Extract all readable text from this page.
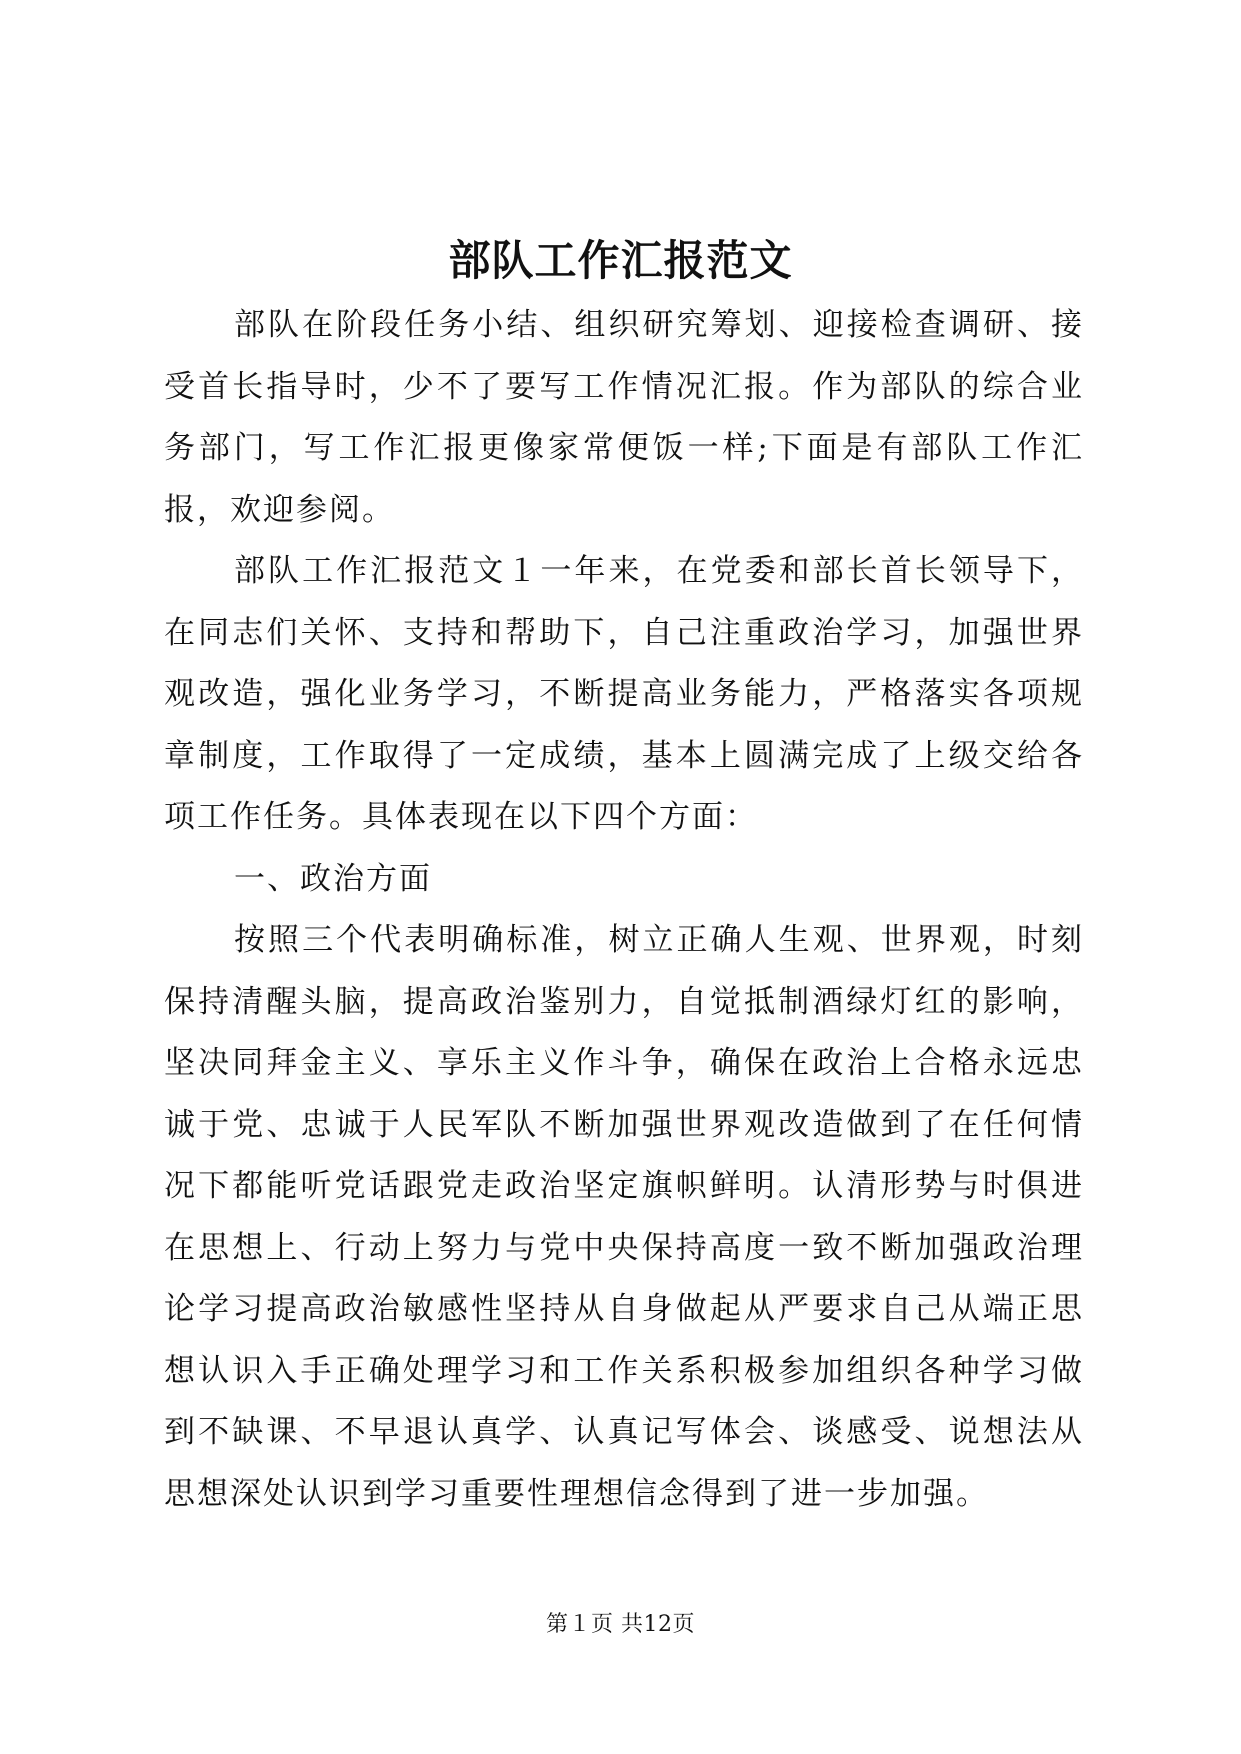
部队工作汇报范文

部队在阶段任务小结、组织研究筹划、迎接检查调研、接受首长指导时，少不了要写工作情况汇报。作为部队的综合业务部门，写工作汇报更像家常便饭一样;下面是有部队工作汇报，欢迎参阅。

部队工作汇报范文１一年来，在党委和部长首长领导下，在同志们关怀、支持和帮助下，自己注重政治学习，加强世界观改造，强化业务学习，不断提高业务能力，严格落实各项规章制度，工作取得了一定成绩，基本上圆满完成了上级交给各项工作任务。具体表现在以下四个方面：

一、政治方面

按照三个代表明确标准，树立正确人生观、世界观，时刻保持清醒头脑，提高政治鉴别力，自觉抵制酒绿灯红的影响，坚决同拜金主义、享乐主义作斗争，确保在政治上合格永远忠诚于党、忠诚于人民军队不断加强世界观改造做到了在任何情况下都能听党话跟党走政治坚定旗帜鲜明。认清形势与时俱进在思想上、行动上努力与党中央保持高度一致不断加强政治理论学习提高政治敏感性坚持从自身做起从严要求自己从端正思想认识入手正确处理学习和工作关系积极参加组织各种学习做到不缺课、不早退认真学、认真记写体会、谈感受、说想法从思想深处认识到学习重要性理想信念得到了进一步加强。

第１页 共12页
